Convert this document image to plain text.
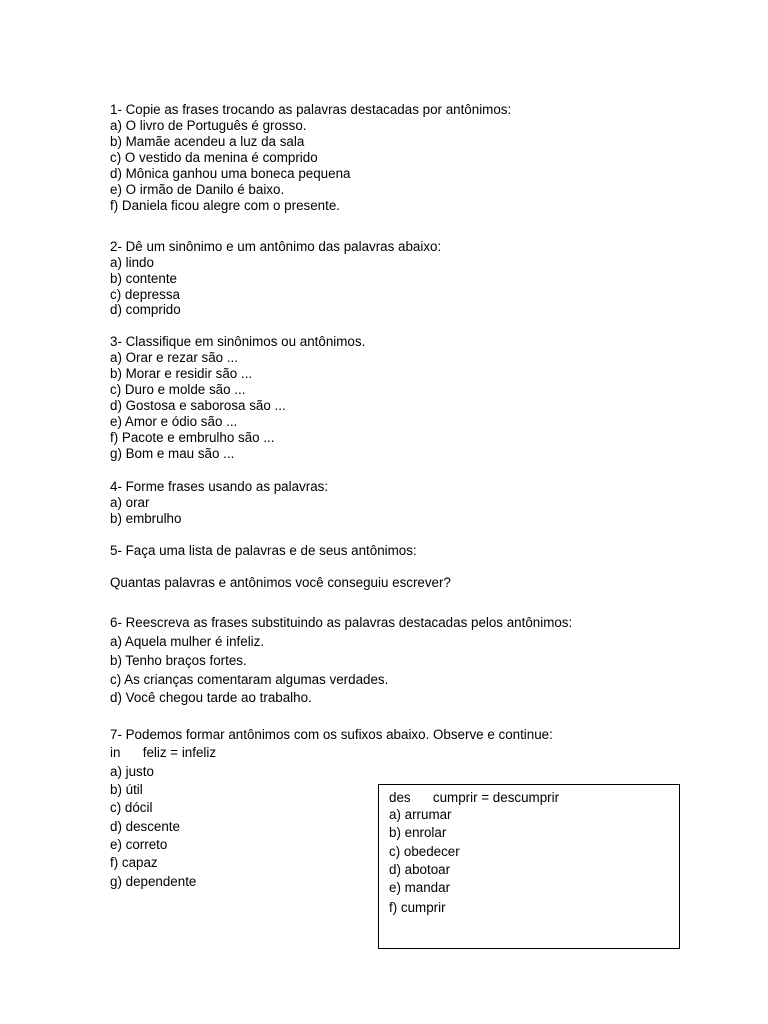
1- Copie as frases trocando as palavras destacadas por antônimos:

a) O livro de Português é grosso.

b) Mamãe acendeu a luz da sala

c) O vestido da menina é comprido

d) Mônica ganhou uma boneca pequena

e) O irmão de Danilo é baixo.

f) Daniela ficou alegre com o presente.

2- Dê um sinônimo e um antônimo das palavras abaixo:

a) lindo

b) contente

c) depressa

d) comprido

3- Classifique em sinônimos ou antônimos.

a) Orar e rezar são ...

b) Morar e residir são ...

c) Duro e molde são ...

d) Gostosa e saborosa são ...

e) Amor e ódio são ...

f) Pacote e embrulho são ...

g) Bom e mau são ...

4- Forme frases usando as palavras:

a) orar

b) embrulho

5- Faça uma lista de palavras e de seus antônimos:

Quantas palavras e antônimos você conseguiu escrever?

6- Reescreva as frases substituindo as palavras destacadas pelos antônimos:

a) Aquela mulher é infeliz.

b) Tenho braços fortes.

c) As crianças comentaram algumas verdades.

d) Você chegou tarde ao trabalho.

7- Podemos formar antônimos com os sufixos abaixo. Observe e continue:

in      feliz = infeliz

a) justo

b) útil

c) dócil

d) descente

e) correto

f) capaz

g) dependente

des      cumprir = descumprir

a) arrumar

b) enrolar

c) obedecer

d) abotoar

e) mandar

f) cumprir
